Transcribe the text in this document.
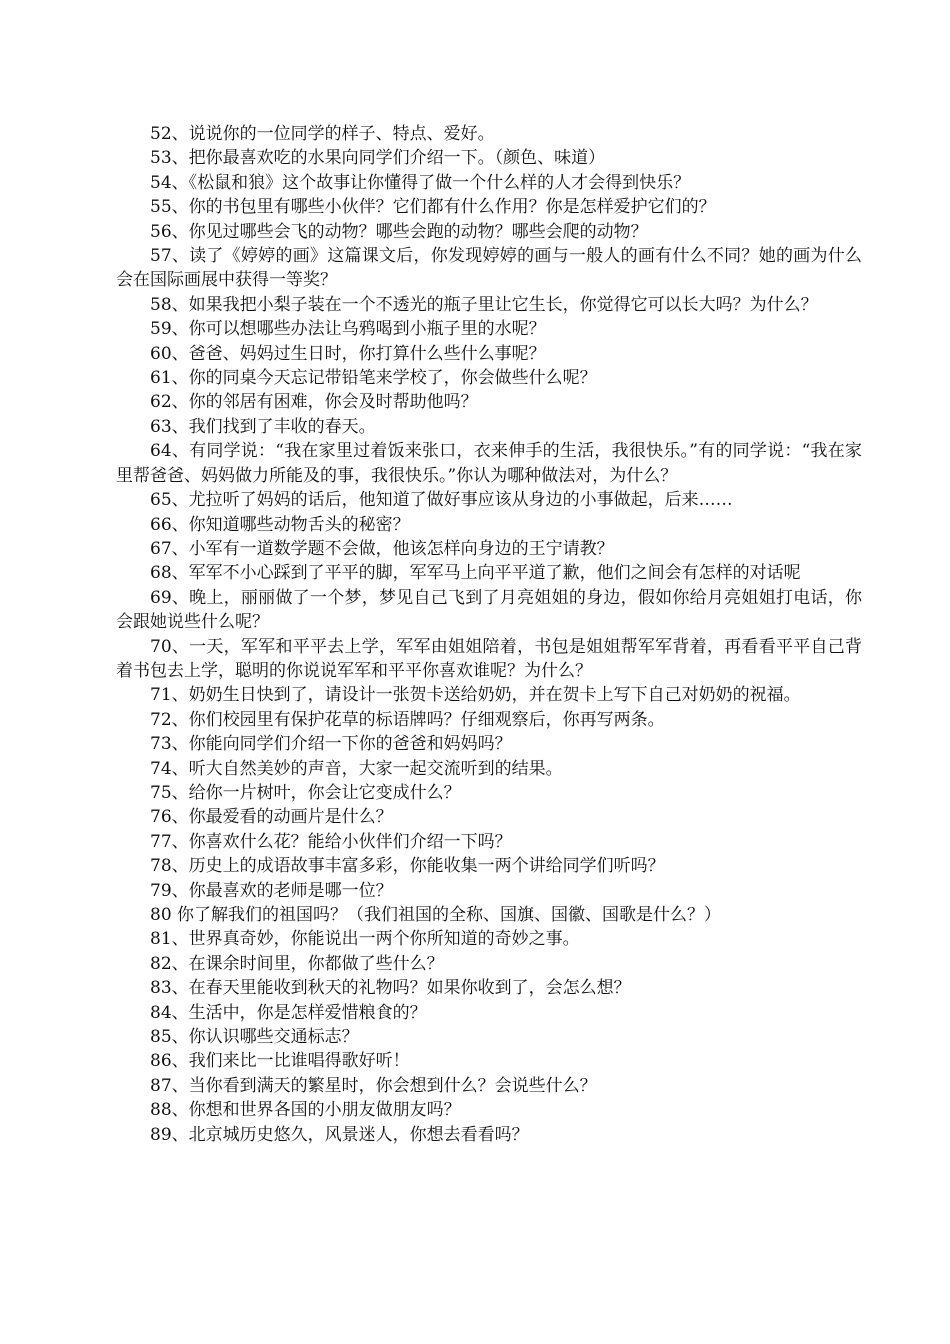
52、说说你的一位同学的样子、特点、爱好。

53、把你最喜欢吃的水果向同学们介绍一下。（颜色、味道）

54、《松鼠和狼》这个故事让你懂得了做一个什么样的人才会得到快乐？

55、你的书包里有哪些小伙伴？它们都有什么作用？你是怎样爱护它们的？

56、你见过哪些会飞的动物？哪些会跑的动物？哪些会爬的动物？

57、读了《婷婷的画》这篇课文后，你发现婷婷的画与一般人的画有什么不同？她的画为什么会在国际画展中获得一等奖？

58、如果我把小梨子装在一个不透光的瓶子里让它生长，你觉得它可以长大吗？为什么？

59、你可以想哪些办法让乌鸦喝到小瓶子里的水呢？

60、爸爸、妈妈过生日时，你打算什么些什么事呢？

61、你的同桌今天忘记带铅笔来学校了，你会做些什么呢？

62、你的邻居有困难，你会及时帮助他吗？

63、我们找到了丰收的春天。

64、有同学说：“我在家里过着饭来张口，衣来伸手的生活，我很快乐。”有的同学说：“我在家里帮爸爸、妈妈做力所能及的事，我很快乐。”你认为哪种做法对，为什么？

65、尤拉听了妈妈的话后，他知道了做好事应该从身边的小事做起，后来……

66、你知道哪些动物舌头的秘密？

67、小军有一道数学题不会做，他该怎样向身边的王宁请教？

68、军军不小心踩到了平平的脚，军军马上向平平道了歉，他们之间会有怎样的对话呢

69、晚上，丽丽做了一个梦，梦见自己飞到了月亮姐姐的身边，假如你给月亮姐姐打电话，你会跟她说些什么呢？

70、一天，军军和平平去上学，军军由姐姐陪着，书包是姐姐帮军军背着，再看看平平自己背着书包去上学，聪明的你说说军军和平平你喜欢谁呢？为什么？

71、奶奶生日快到了，请设计一张贺卡送给奶奶，并在贺卡上写下自己对奶奶的祝福。

72、你们校园里有保护花草的标语牌吗？仔细观察后，你再写两条。

73、你能向同学们介绍一下你的爸爸和妈妈吗？

74、听大自然美妙的声音，大家一起交流听到的结果。

75、给你一片树叶，你会让它变成什么？

76、你最爱看的动画片是什么？

77、你喜欢什么花？能给小伙伴们介绍一下吗？

78、历史上的成语故事丰富多彩，你能收集一两个讲给同学们听吗？

79、你最喜欢的老师是哪一位？

80 你了解我们的祖国吗？（我们祖国的全称、国旗、国徽、国歌是什么？）

81、世界真奇妙，你能说出一两个你所知道的奇妙之事。

82、在课余时间里，你都做了些什么？

83、在春天里能收到秋天的礼物吗？如果你收到了，会怎么想？

84、生活中，你是怎样爱惜粮食的？

85、你认识哪些交通标志？

86、我们来比一比谁唱得歌好听！

87、当你看到满天的繁星时，你会想到什么？会说些什么？

88、你想和世界各国的小朋友做朋友吗？

89、北京城历史悠久，风景迷人，你想去看看吗？
